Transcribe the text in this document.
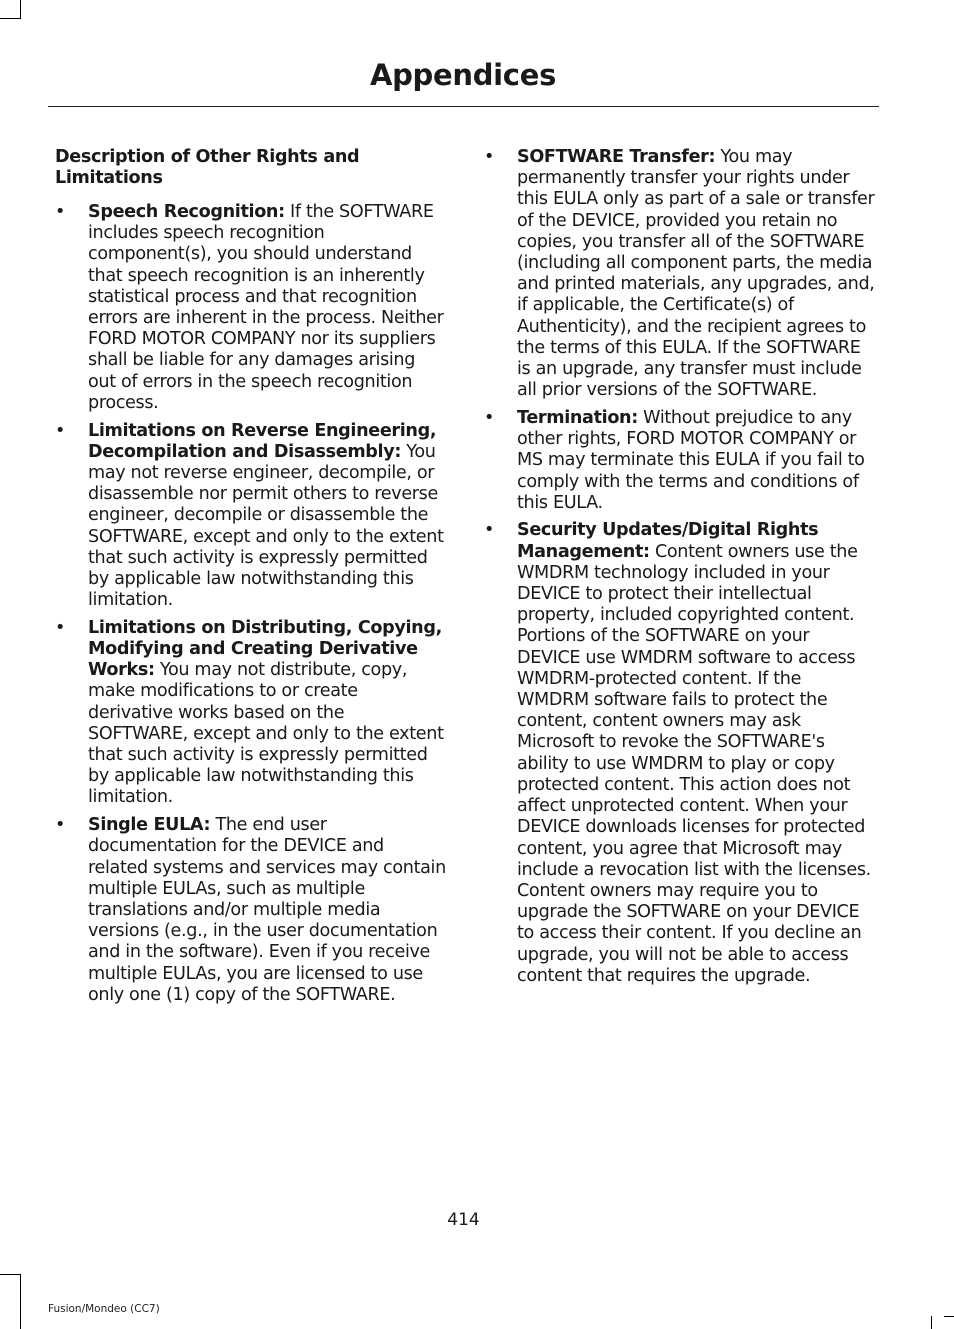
Appendices
Description of Other Rights and Limitations
• Speech Recognition: If the SOFTWARE includes speech recognition component(s), you should understand that speech recognition is an inherently statistical process and that recognition errors are inherent in the process. Neither FORD MOTOR COMPANY nor its suppliers shall be liable for any damages arising out of errors in the speech recognition process.
• Limitations on Reverse Engineering, Decompilation and Disassembly: You may not reverse engineer, decompile, or disassemble nor permit others to reverse engineer, decompile or disassemble the SOFTWARE, except and only to the extent that such activity is expressly permitted by applicable law notwithstanding this limitation.
• Limitations on Distributing, Copying, Modifying and Creating Derivative Works: You may not distribute, copy, make modifications to or create derivative works based on the SOFTWARE, except and only to the extent that such activity is expressly permitted by applicable law notwithstanding this limitation.
• Single EULA: The end user documentation for the DEVICE and related systems and services may contain multiple EULAs, such as multiple translations and/or multiple media versions (e.g., in the user documentation and in the software). Even if you receive multiple EULAs, you are licensed to use only one (1) copy of the SOFTWARE.
• SOFTWARE Transfer: You may permanently transfer your rights under this EULA only as part of a sale or transfer of the DEVICE, provided you retain no copies, you transfer all of the SOFTWARE (including all component parts, the media and printed materials, any upgrades, and, if applicable, the Certificate(s) of Authenticity), and the recipient agrees to the terms of this EULA. If the SOFTWARE is an upgrade, any transfer must include all prior versions of the SOFTWARE.
• Termination: Without prejudice to any other rights, FORD MOTOR COMPANY or MS may terminate this EULA if you fail to comply with the terms and conditions of this EULA.
• Security Updates/Digital Rights Management: Content owners use the WMDRM technology included in your DEVICE to protect their intellectual property, included copyrighted content. Portions of the SOFTWARE on your DEVICE use WMDRM software to access WMDRM-protected content. If the WMDRM software fails to protect the content, content owners may ask Microsoft to revoke the SOFTWARE's ability to use WMDRM to play or copy protected content. This action does not affect unprotected content. When your DEVICE downloads licenses for protected content, you agree that Microsoft may include a revocation list with the licenses. Content owners may require you to upgrade the SOFTWARE on your DEVICE to access their content. If you decline an upgrade, you will not be able to access content that requires the upgrade.
414
Fusion/Mondeo (CC7)
